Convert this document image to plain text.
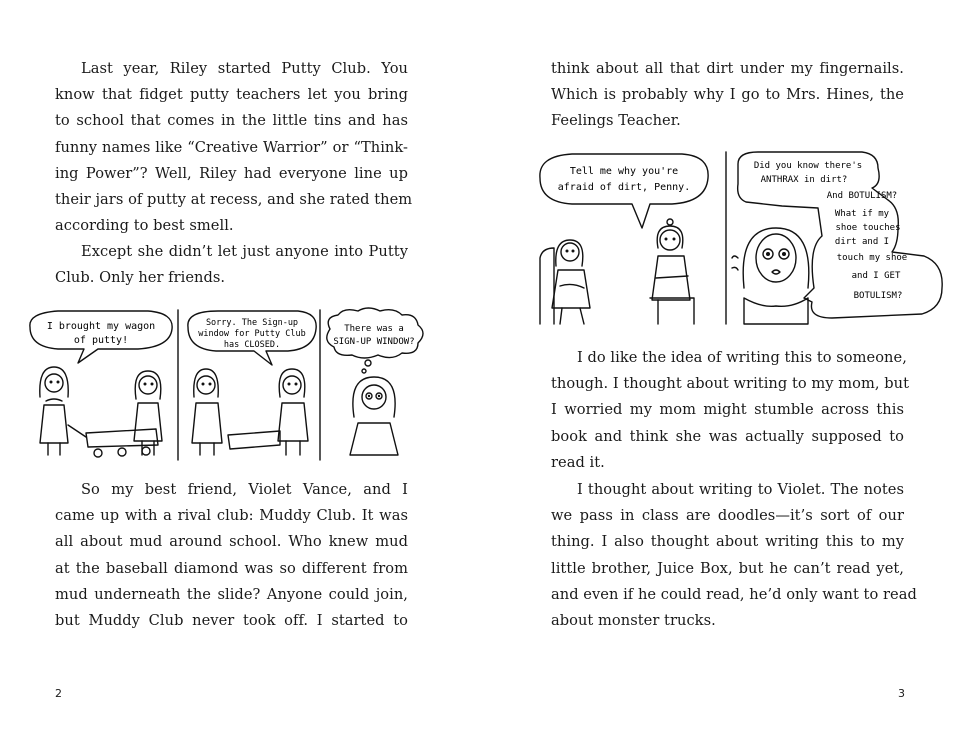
Last year, Riley started Putty Club. You
know that fidget putty teachers let you bring
to school that comes in the little tins and has
funny names like “Creative Warrior” or “Think-
ing Power”? Well, Riley had everyone line up
their jars of putty at recess, and she rated them
according to best smell.

Except she didn’t let just anyone into Putty
Club. Only her friends.

I brought my wagon
of putty!
Sorry. The Sign-up
window for Putty Club
has CLOSED.
There was a
SIGN-UP WINDOW?

So my best friend, Violet Vance, and I
came up with a rival club: Muddy Club. It was
all about mud around school. Who knew mud
at the baseball diamond was so different from
mud underneath the slide? Anyone could join,
but Muddy Club never took off. I started to

2

think about all that dirt under my fingernails.
Which is probably why I go to Mrs. Hines, the
Feelings Teacher.

Tell me why you're
afraid of dirt, Penny.
Did you know there's
ANTHRAX in dirt?
And BOTULISM?
What if my
shoe touches
dirt and I
touch my shoe
and I GET
BOTULISM?

I do like the idea of writing this to someone,
though. I thought about writing to my mom, but
I worried my mom might stumble across this
book and think she was actually supposed to
read it.

I thought about writing to Violet. The notes
we pass in class are doodles—it’s sort of our
thing. I also thought about writing this to my
little brother, Juice Box, but he can’t read yet,
and even if he could read, he’d only want to read
about monster trucks.

3
